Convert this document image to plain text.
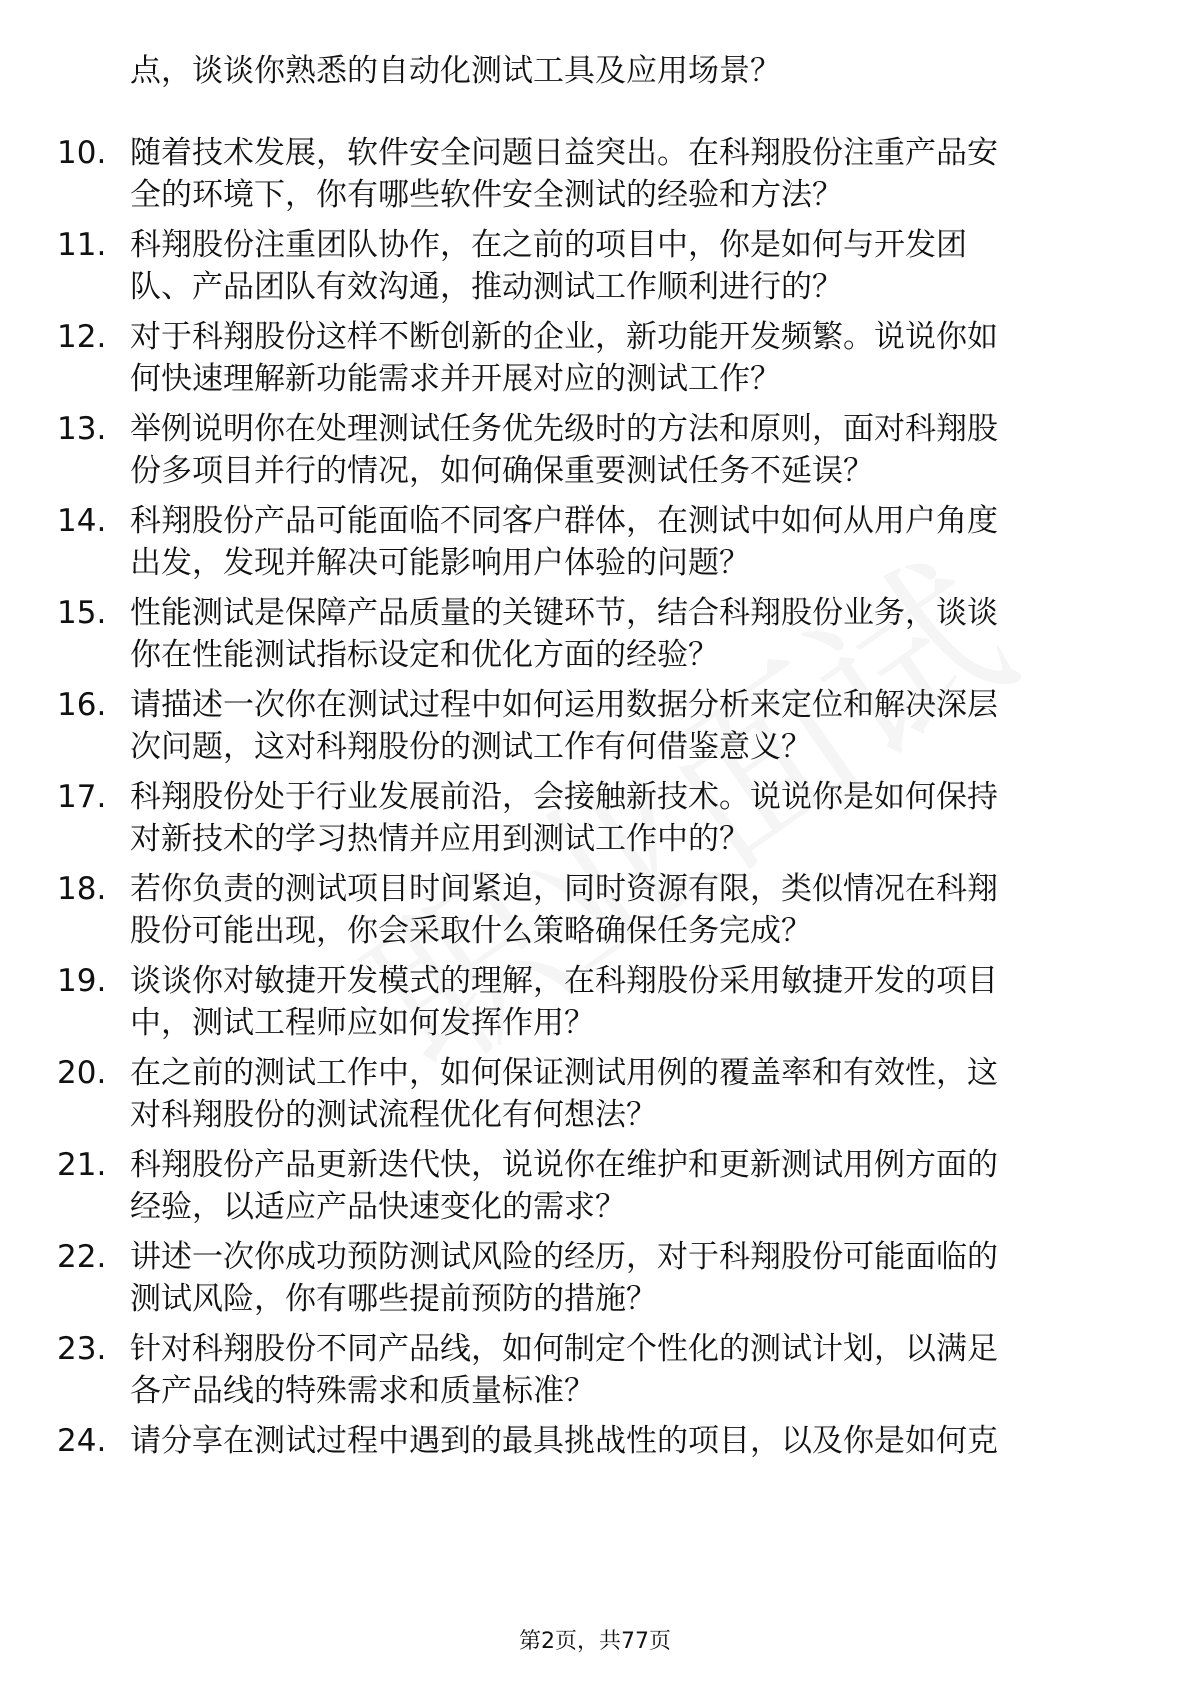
点，谈谈你熟悉的自动化测试工具及应用场景？
10. 随着技术发展，软件安全问题日益突出。在科翔股份注重产品安
全的环境下，你有哪些软件安全测试的经验和方法？
11. 科翔股份注重团队协作，在之前的项目中，你是如何与开发团
队、产品团队有效沟通，推动测试工作顺利进行的？
12. 对于科翔股份这样不断创新的企业，新功能开发频繁。说说你如
何快速理解新功能需求并开展对应的测试工作？
13. 举例说明你在处理测试任务优先级时的方法和原则，面对科翔股
份多项目并行的情况，如何确保重要测试任务不延误？
14. 科翔股份产品可能面临不同客户群体，在测试中如何从用户角度
出发，发现并解决可能影响用户体验的问题？
15. 性能测试是保障产品质量的关键环节，结合科翔股份业务，谈谈
你在性能测试指标设定和优化方面的经验？
16. 请描述一次你在测试过程中如何运用数据分析来定位和解决深层
次问题，这对科翔股份的测试工作有何借鉴意义？
17. 科翔股份处于行业发展前沿，会接触新技术。说说你是如何保持
对新技术的学习热情并应用到测试工作中的？
18. 若你负责的测试项目时间紧迫，同时资源有限，类似情况在科翔
股份可能出现，你会采取什么策略确保任务完成？
19. 谈谈你对敏捷开发模式的理解，在科翔股份采用敏捷开发的项目
中，测试工程师应如何发挥作用？
20. 在之前的测试工作中，如何保证测试用例的覆盖率和有效性，这
对科翔股份的测试流程优化有何想法？
21. 科翔股份产品更新迭代快，说说你在维护和更新测试用例方面的
经验，以适应产品快速变化的需求？
22. 讲述一次你成功预防测试风险的经历，对于科翔股份可能面临的
测试风险，你有哪些提前预防的措施？
23. 针对科翔股份不同产品线，如何制定个性化的测试计划，以满足
各产品线的特殊需求和质量标准？
24. 请分享在测试过程中遇到的最具挑战性的项目，以及你是如何克
第2页，共77页
